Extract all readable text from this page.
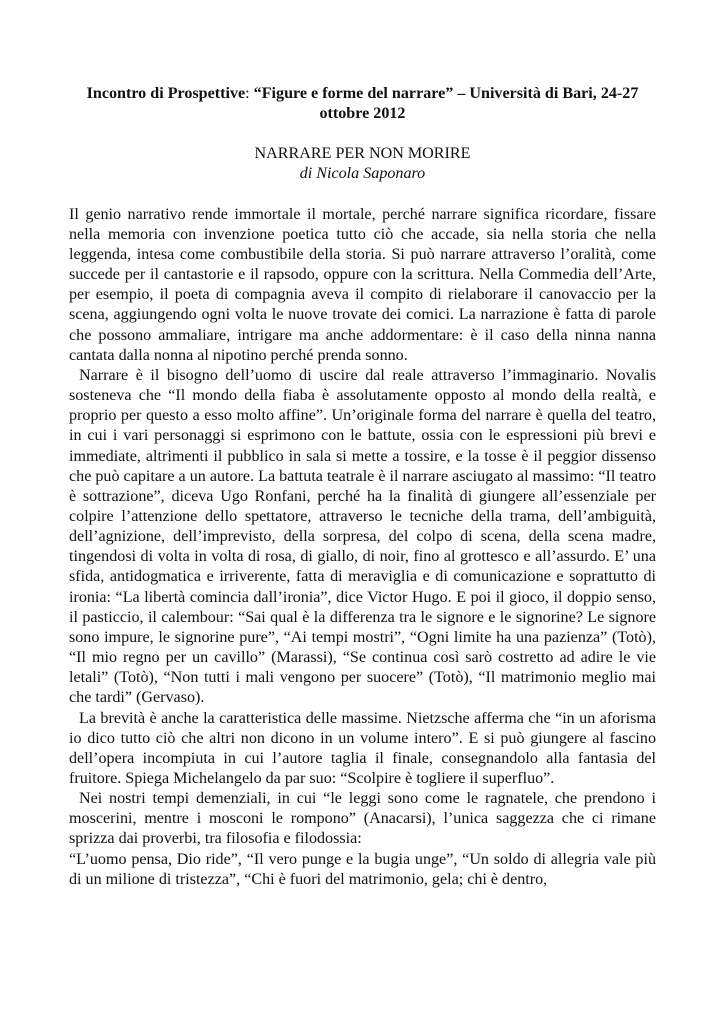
Incontro di Prospettive: “Figure e forme del narrare” – Università di Bari, 24-27 ottobre 2012

NARRARE PER NON MORIRE

di Nicola Saponaro

Il genio narrativo rende immortale il mortale, perché narrare significa ricordare, fissare nella memoria con invenzione poetica tutto ciò che accade, sia nella storia che nella leggenda, intesa come combustibile della storia. Si può narrare attraverso l’oralità, come succede per il cantastorie e il rapsodo, oppure con la scrittura. Nella Commedia dell’Arte, per esempio, il poeta di compagnia aveva il compito di rielaborare il canovaccio per la scena, aggiungendo ogni volta le nuove trovate dei comici. La narrazione è fatta di parole che possono ammaliare, intrigare ma anche addormentare: è il caso della ninna nanna cantata dalla nonna al nipotino perché prenda sonno.

Narrare è il bisogno dell’uomo di uscire dal reale attraverso l’immaginario. Novalis sosteneva che “Il mondo della fiaba è assolutamente opposto al mondo della realtà, e proprio per questo a esso molto affine”. Un’originale forma del narrare è quella del teatro, in cui i vari personaggi si esprimono con le battute, ossia con le espressioni più brevi e immediate, altrimenti il pubblico in sala si mette a tossire, e la tosse è il peggior dissenso che può capitare a un autore. La battuta teatrale è il narrare asciugato al massimo: “Il teatro è sottrazione”, diceva Ugo Ronfani, perché ha la finalità di giungere all’essenziale per colpire l’attenzione dello spettatore, attraverso le tecniche della trama, dell’ambiguità, dell’agnizione, dell’imprevisto, della sorpresa, del colpo di scena, della scena madre, tingendosi di volta in volta di rosa, di giallo, di noir, fino al grottesco e all’assurdo. E’ una sfida, antidogmatica e irriverente, fatta di meraviglia e di comunicazione e soprattutto di ironia: “La libertà comincia dall’ironia”, dice Victor Hugo. E poi il gioco, il doppio senso, il pasticcio, il calembour: “Sai qual è la differenza tra le signore e le signorine? Le signore sono impure, le signorine pure”, “Ai tempi mostri”, “Ogni limite ha una pazienza” (Totò), “Il mio regno per un cavillo” (Marassi), “Se continua così sarò costretto ad adire le vie letali” (Totò), “Non tutti i mali vengono per suocere” (Totò), “Il matrimonio meglio mai che tardi” (Gervaso).

La brevità è anche la caratteristica delle massime. Nietzsche afferma che “in un aforisma io dico tutto ciò che altri non dicono in un volume intero”. E si può giungere al fascino dell’opera incompiuta in cui l’autore taglia il finale, consegnandolo alla fantasia del fruitore. Spiega Michelangelo da par suo: “Scolpire è togliere il superfluo”.

Nei nostri tempi demenziali, in cui “le leggi sono come le ragnatele, che prendono i moscerini, mentre i mosconi le rompono” (Anacarsi), l’unica saggezza che ci rimane sprizza dai proverbi, tra filosofia e filodossia:

“L’uomo pensa, Dio ride”, “Il vero punge e la bugia unge”, “Un soldo di allegria vale più di un milione di tristezza”, “Chi è fuori del matrimonio, gela; chi è dentro,
